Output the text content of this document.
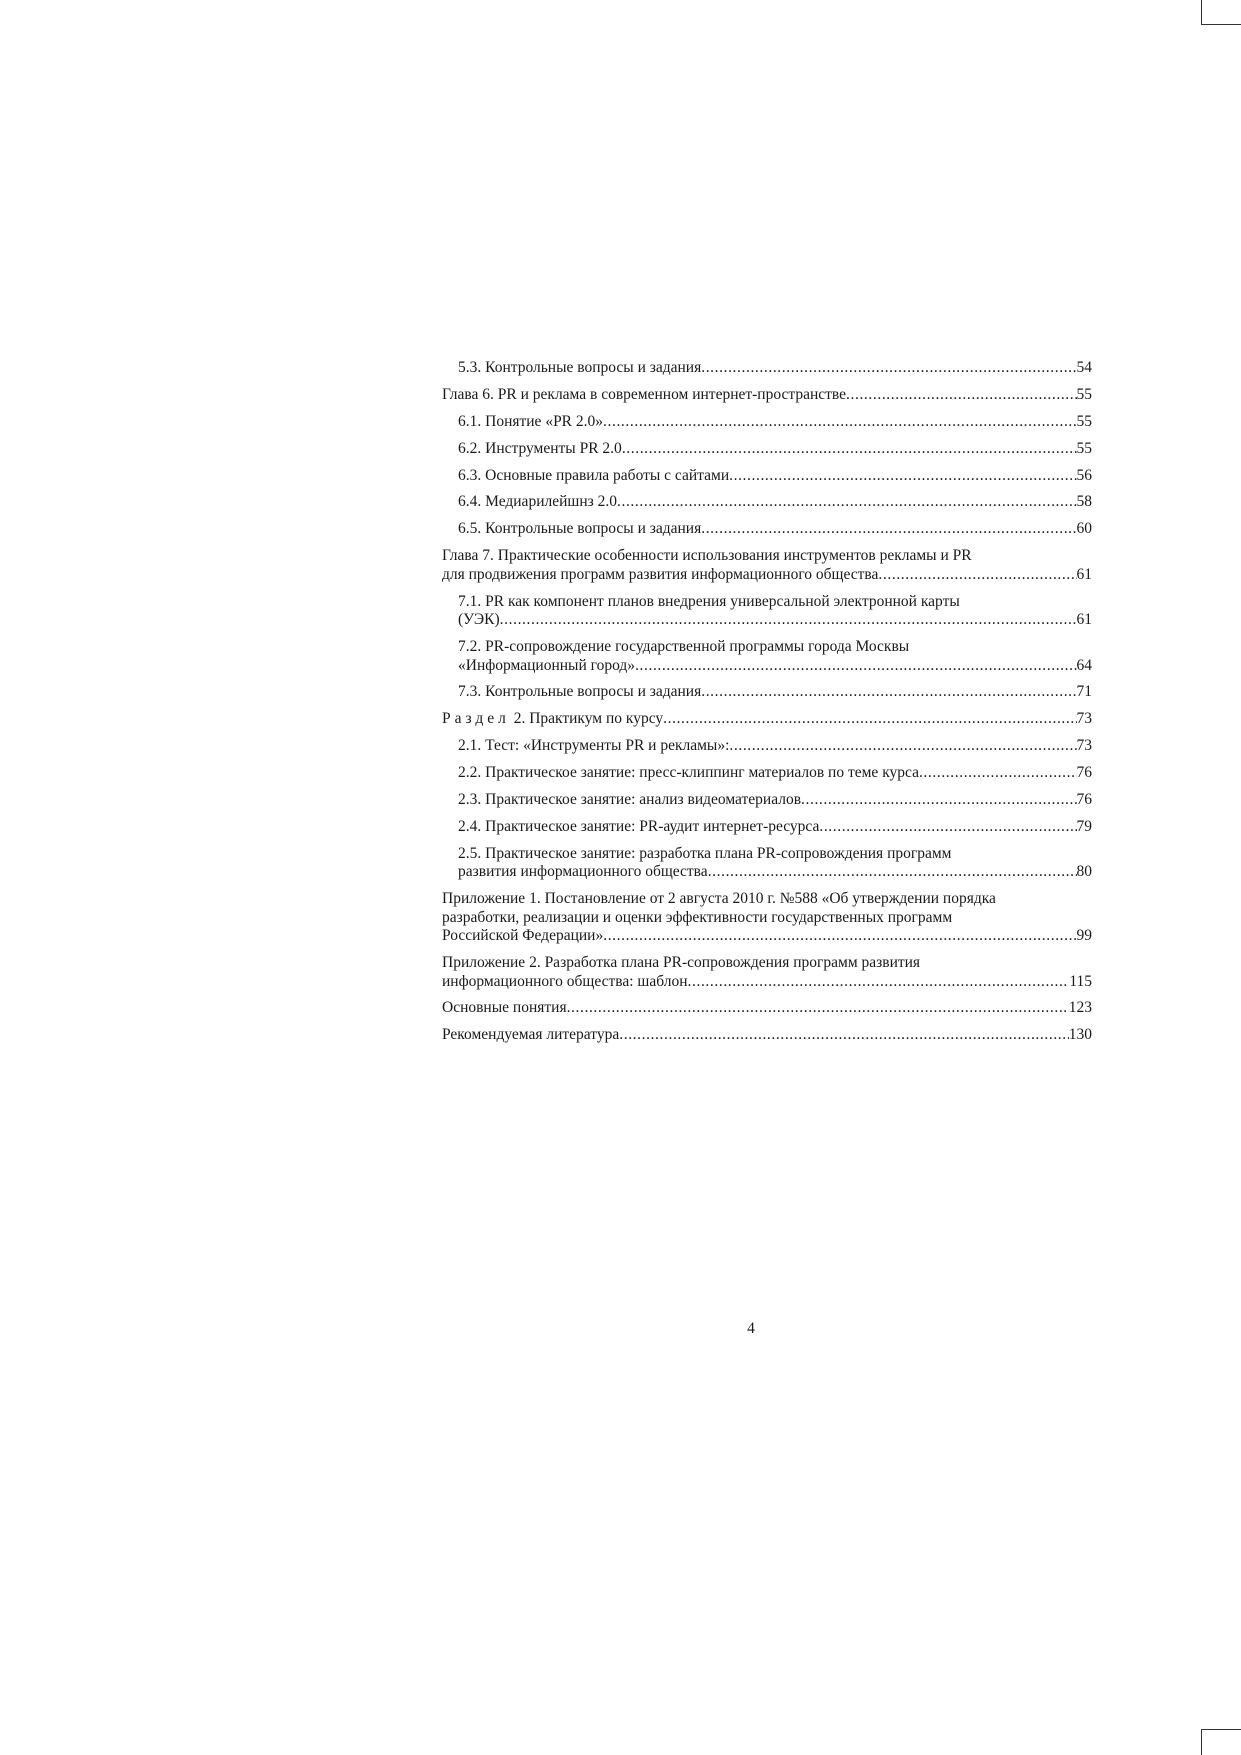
5.3. Контрольные вопросы и задания .....	54
Глава 6. PR и реклама в современном интернет-пространстве .....	55
6.1. Понятие «PR 2.0» .....	55
6.2. Инструменты PR 2.0 .....	55
6.3. Основные правила работы с сайтами .....	56
6.4. Медиарилейшнз 2.0 .....	58
6.5. Контрольные вопросы и задания .....	60
Глава 7. Практические особенности использования инструментов рекламы и PR
для продвижения программ развития информационного общества .....	61
7.1. PR как компонент планов внедрения универсальной электронной карты
(УЭК) .....	61
7.2. PR-сопровождение государственной программы города Москвы
«Информационный город» .....	64
7.3. Контрольные вопросы и задания .....	71
Раздел 2. Практикум по курсу .....	73
2.1. Тест: «Инструменты PR и рекламы»: .....	73
2.2. Практическое занятие: пресс-клиппинг материалов по теме курса .....	76
2.3. Практическое занятие: анализ видеоматериалов .....	76
2.4. Практическое занятие: PR-аудит интернет-ресурса .....	79
2.5. Практическое занятие: разработка плана PR-сопровождения программ
развития информационного общества .....	80
Приложение 1. Постановление от 2 августа 2010 г. №588 «Об утверждении порядка
разработки, реализации и оценки эффективности государственных программ
Российской Федерации» .....	99
Приложение 2. Разработка плана PR-сопровождения программ развития
информационного общества: шаблон .....	115
Основные понятия .....	123
Рекомендуемая литература .....	130
4
